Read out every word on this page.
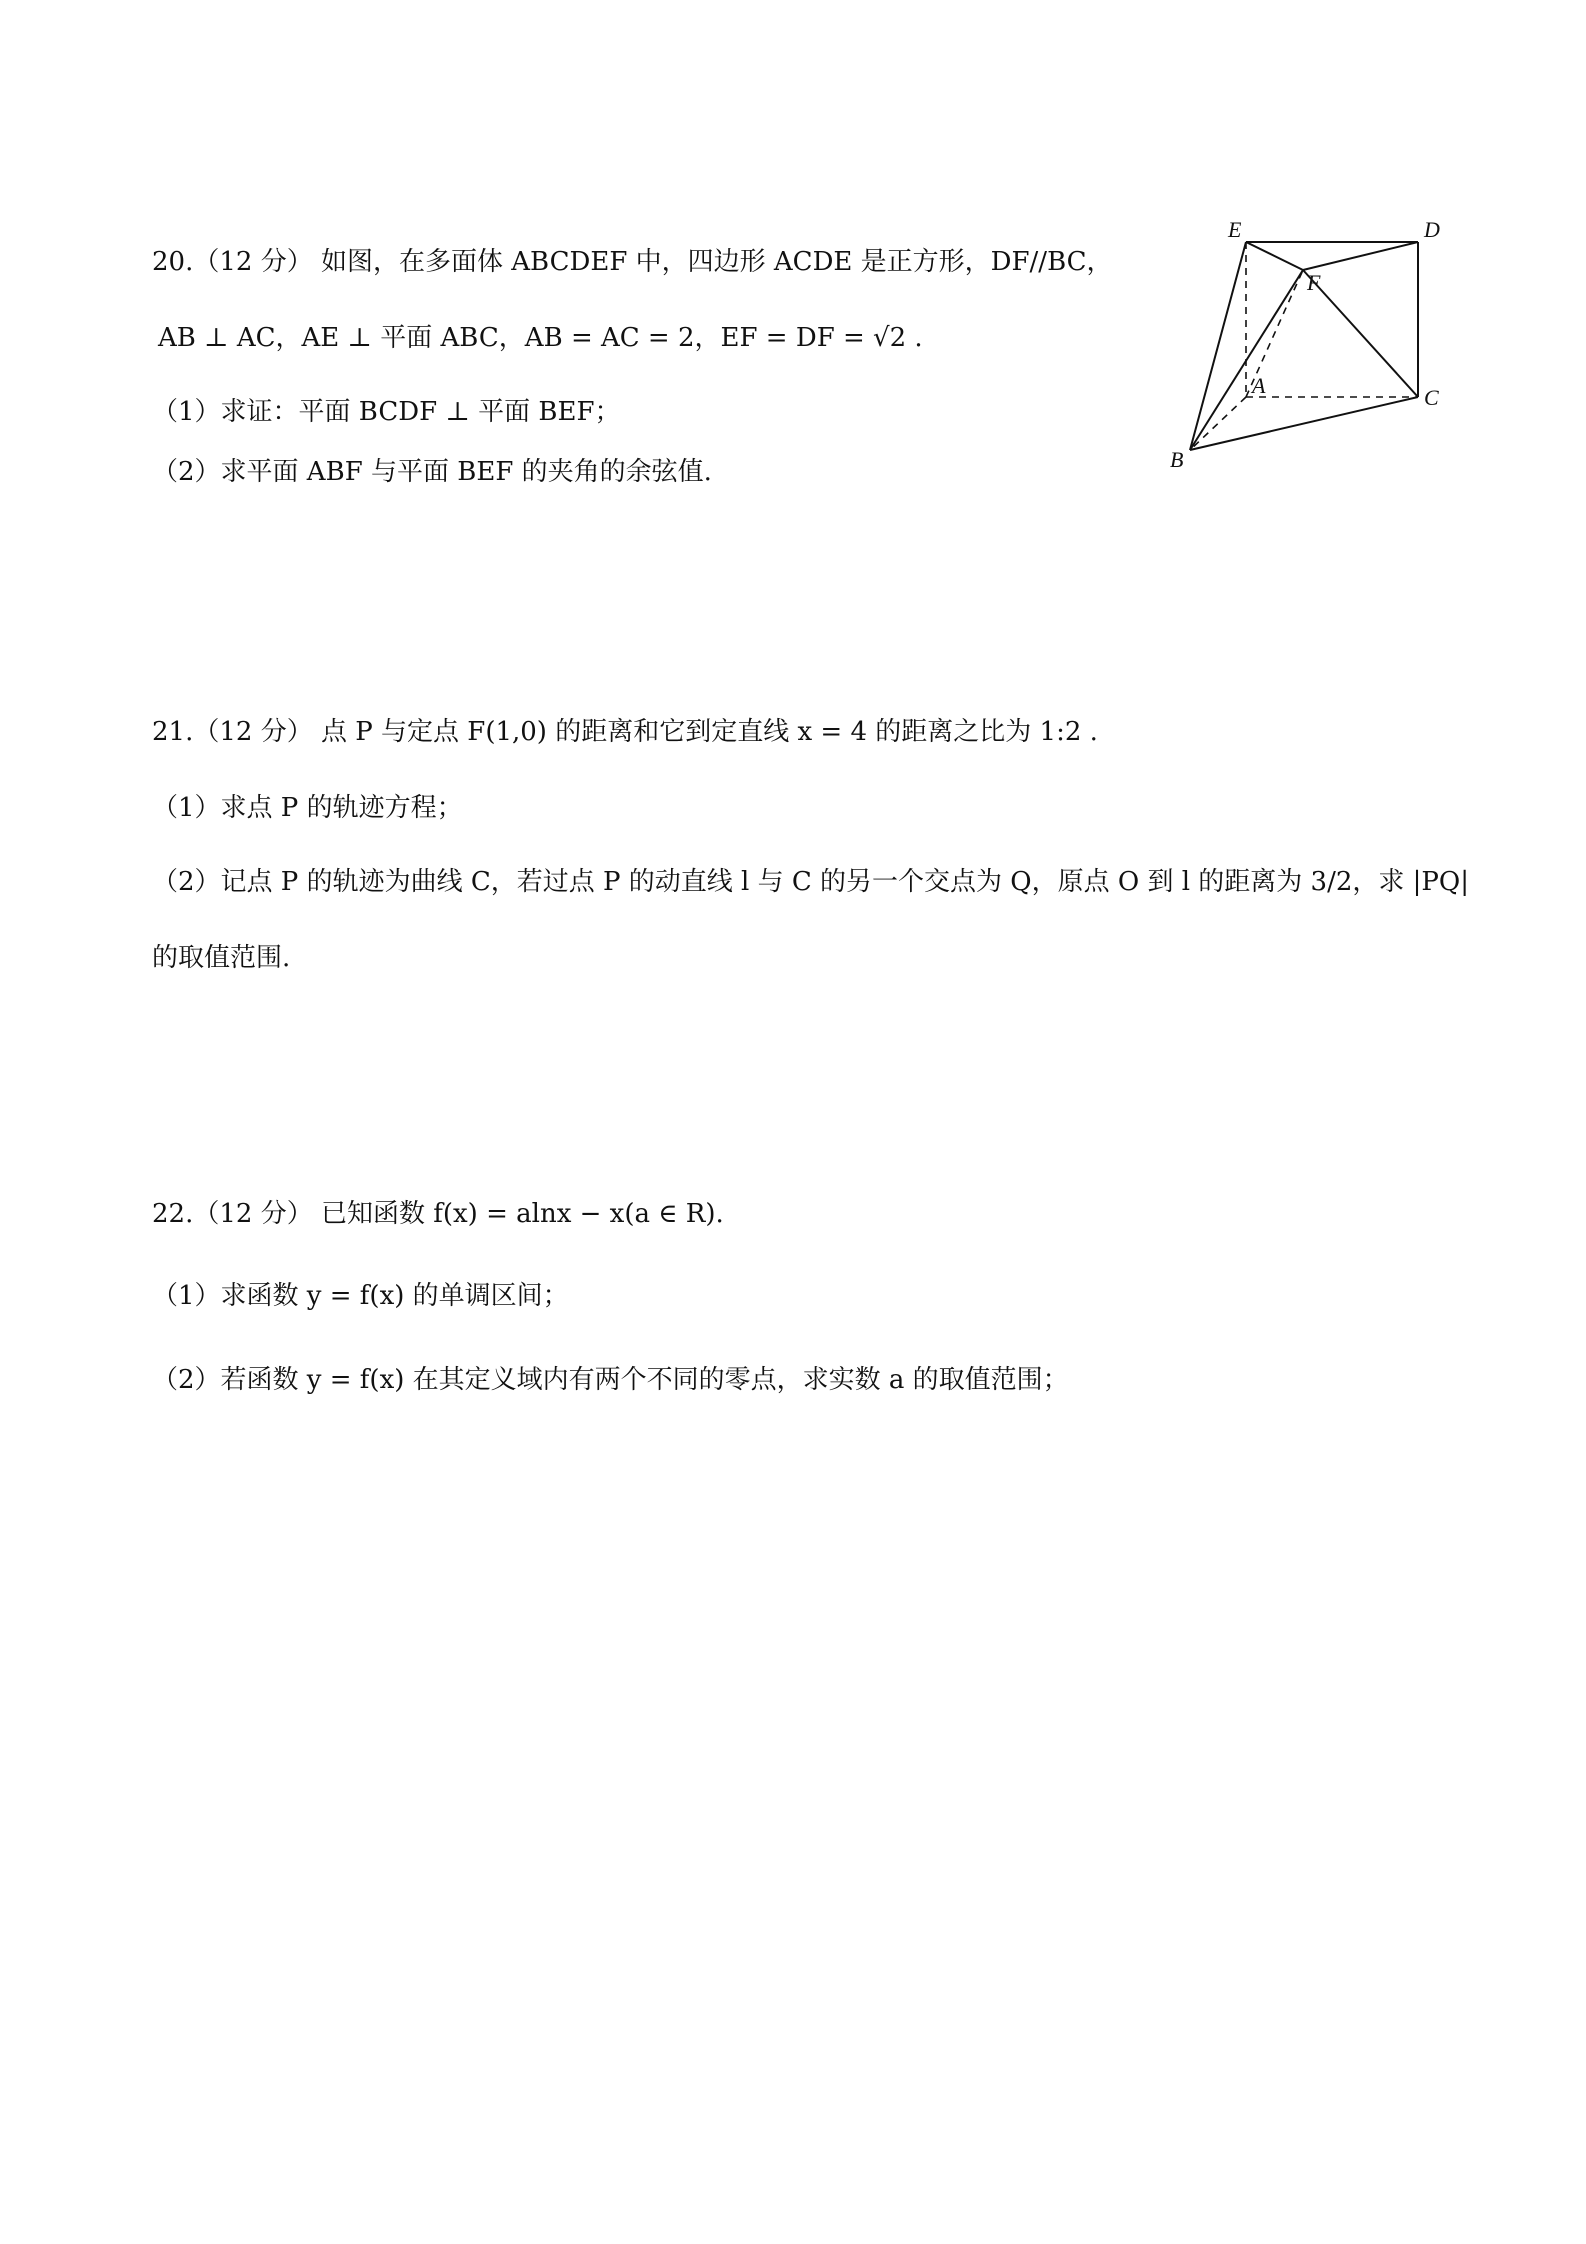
20.（12 分） 如图，在多面体 ABCDEF 中，四边形 ACDE 是正方形，DF//BC，
AB ⊥ AC，AE ⊥ 平面 ABC，AB = AC = 2，EF = DF = √2 .
（1）求证：平面 BCDF ⊥ 平面 BEF；
（2）求平面 ABF 与平面 BEF 的夹角的余弦值.
E	D
F
A	C
B
21.（12 分） 点 P 与定点 F(1,0) 的距离和它到定直线 x = 4 的距离之比为 1:2 .
（1）求点 P 的轨迹方程；
（2）记点 P 的轨迹为曲线 C，若过点 P 的动直线 l 与 C 的另一个交点为 Q，原点 O 到 l 的距离为 3/2，求 |PQ|
的取值范围.
22.（12 分） 已知函数 f(x) = alnx − x(a ∈ R).
（1）求函数 y = f(x) 的单调区间；
（2）若函数 y = f(x) 在其定义域内有两个不同的零点，求实数 a 的取值范围；
